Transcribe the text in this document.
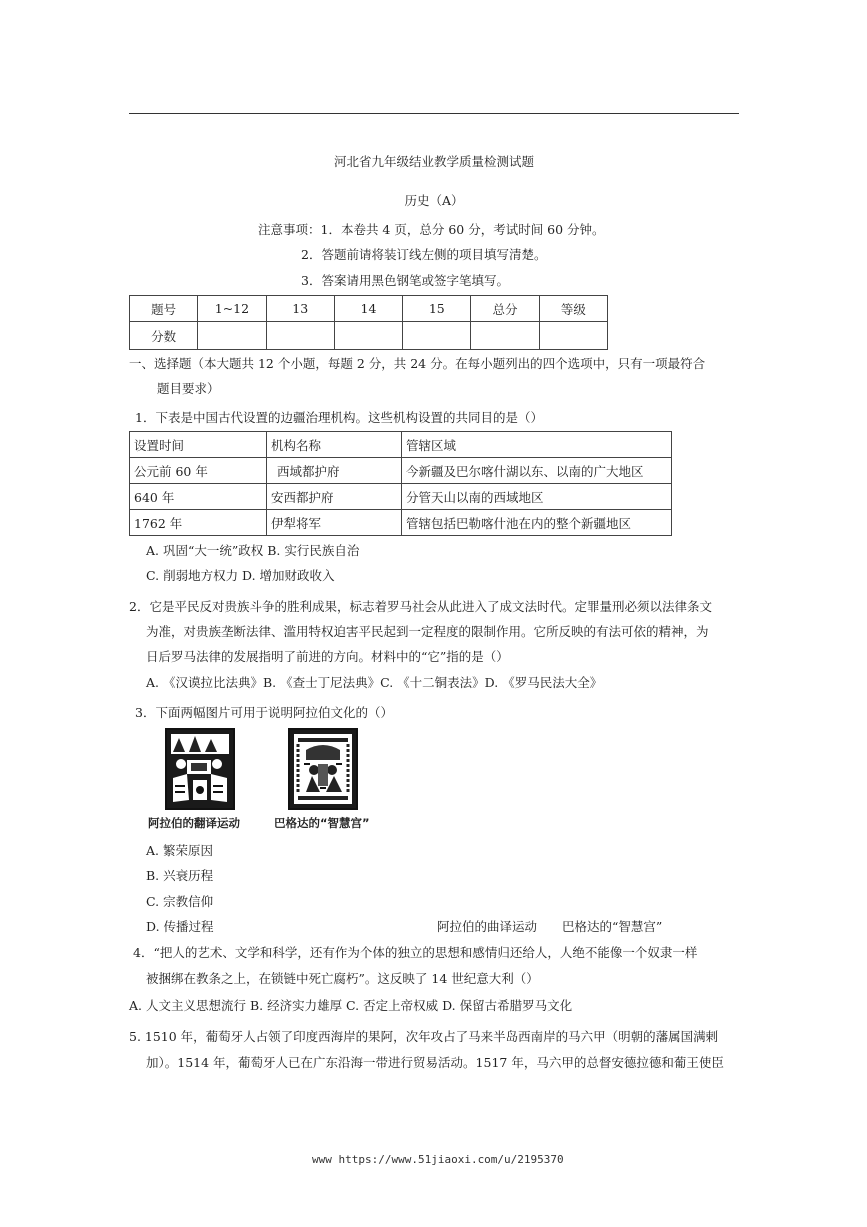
河北省九年级结业教学质量检测试题
历史（A）
注意事项：1．本卷共 4 页，总分 60 分，考试时间 60 分钟。
2．答题前请将装订线左侧的项目填写清楚。
3．答案请用黑色钢笔或签字笔填写。
题号	1~12	13	14	15	总分	等级
分数						
一、选择题（本大题共 12 个小题，每题 2 分，共 24 分。在每小题列出的四个选项中，只有一项最符合
题目要求）
1．下表是中国古代设置的边疆治理机构。这些机构设置的共同目的是（）
设置时间	机构名称	管辖区域
公元前 60 年	西域都护府	今新疆及巴尔喀什湖以东、以南的广大地区
640 年	安西都护府	分管天山以南的西域地区
1762 年	伊犁将军	管辖包括巴勒喀什池在内的整个新疆地区
A. 巩固“大一统”政权 B. 实行民族自治
C. 削弱地方权力 D. 增加财政收入
2．它是平民反对贵族斗争的胜利成果，标志着罗马社会从此进入了成文法时代。定罪量刑必须以法律条文
为准，对贵族垄断法律、滥用特权迫害平民起到一定程度的限制作用。它所反映的有法可依的精神，为
日后罗马法律的发展指明了前进的方向。材料中的“它”指的是（）
A. 《汉谟拉比法典》B. 《查士丁尼法典》C. 《十二铜表法》D. 《罗马民法大全》
3．下面两幅图片可用于说明阿拉伯文化的（）
阿拉伯的翻译运动	巴格达的“智慧宫”
A. 繁荣原因
B. 兴衰历程
C. 宗教信仰
D. 传播过程	阿拉伯的曲译运动 巴格达的“智慧宫”
4．“把人的艺术、文学和科学，还有作为个体的独立的思想和感情归还给人，人绝不能像一个奴隶一样
被捆绑在教条之上，在锁链中死亡腐朽”。这反映了 14 世纪意大利（）
A. 人文主义思想流行 B. 经济实力雄厚 C. 否定上帝权威 D. 保留古希腊罗马文化
5. 1510 年，葡萄牙人占领了印度西海岸的果阿，次年攻占了马来半岛西南岸的马六甲（明朝的藩属国满剌
加）。1514 年，葡萄牙人已在广东沿海一带进行贸易活动。1517 年，马六甲的总督安德拉德和葡王使臣
www https://www.51jiaoxi.com/u/2195370
